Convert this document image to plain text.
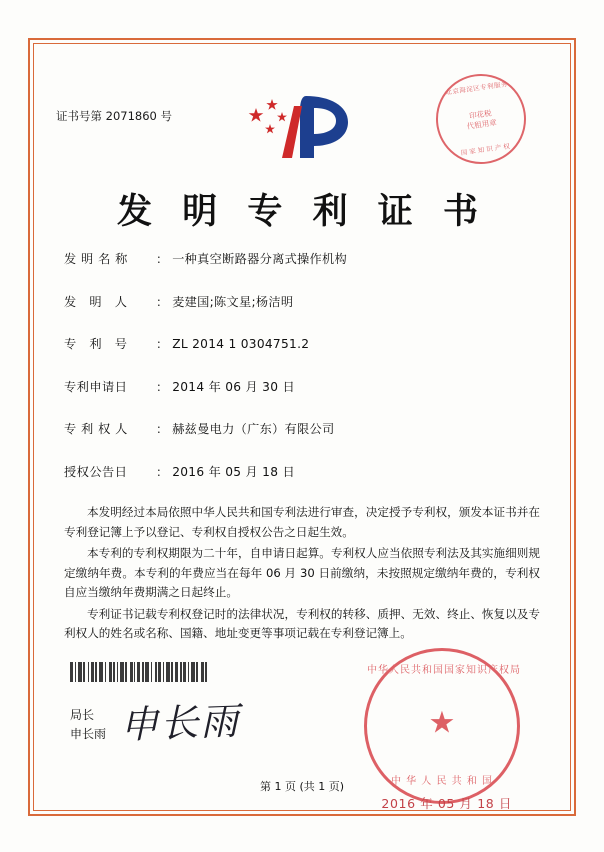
证书号第 2071860 号
北京海淀区专利服务
印花税
代租用章
国 家 知 识 产 权
发 明 专 利 证 书
发 明 名 称	： 一种真空断路器分离式操作机构
发　明　人	： 麦建国;陈文星;杨洁明
专　利　号	： ZL 2014 1 0304751.2
专利申请日	： 2014 年 06 月 30 日
专 利 权 人	： 赫兹曼电力（广东）有限公司
授权公告日	： 2016 年 05 月 18 日

本发明经过本局依照中华人民共和国专利法进行审查，决定授予专利权，颁发本证书并在专利登记簿上予以登记、专利权自授权公告之日起生效。

本专利的专利权期限为二十年，自申请日起算。专利权人应当依照专利法及其实施细则规定缴纳年费。本专利的年费应当在每年 06 月 30 日前缴纳，未按照规定缴纳年费的，专利权自应当缴纳年费期满之日起终止。

专利证书记载专利权登记时的法律状况，专利权的转移、质押、无效、终止、恢复以及专利权人的姓名或名称、国籍、地址变更等事项记载在专利登记簿上。

局长
申长雨 申长雨
中华人民共和国国家知识产权局
★
中 华 人 民 共 和 国
2016 年 05 月 18 日
第 1 页 (共 1 页)
